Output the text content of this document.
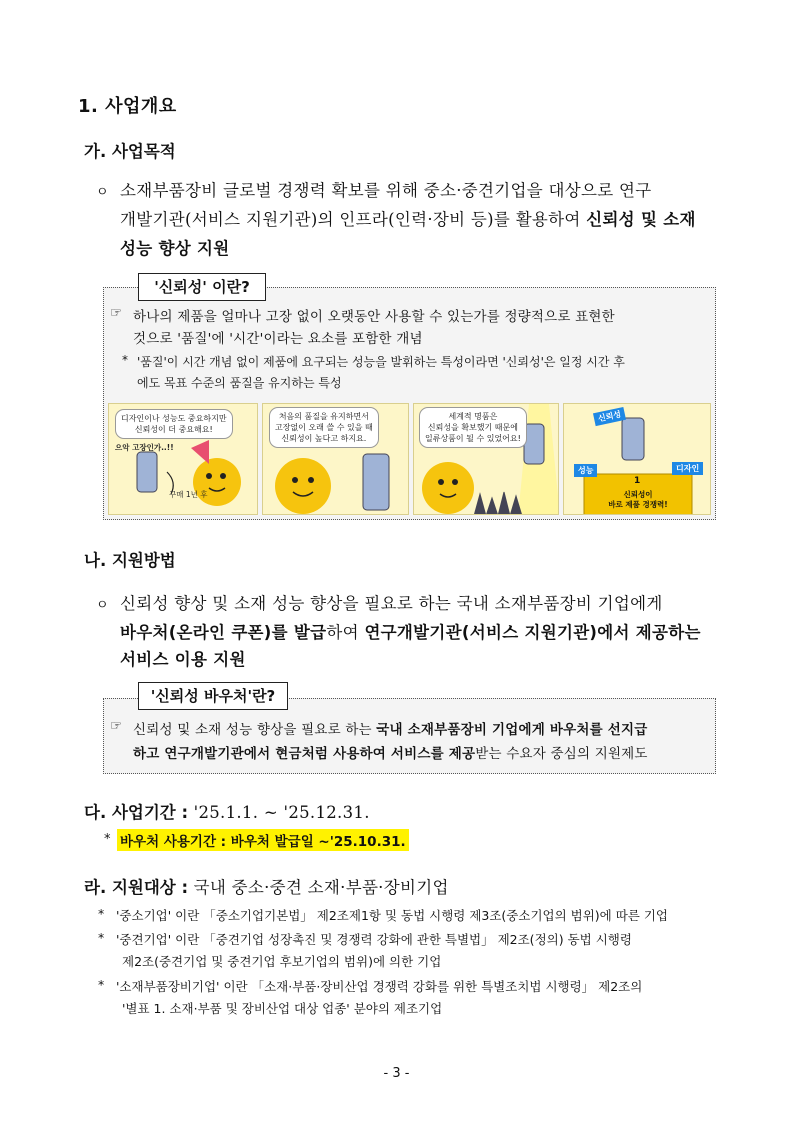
1. 사업개요
가. 사업목적
ㅇ 소재부품장비 글로벌 경쟁력 확보를 위해 중소·중견기업을 대상으로 연구
개발기관(서비스 지원기관)의 인프라(인력·장비 등)를 활용하여 신뢰성 및 소재
성능 향상 지원
'신뢰성' 이란?
☞ 하나의 제품을 얼마나 고장 없이 오랫동안 사용할 수 있는가를 정량적으로 표현한
것으로 '품질'에 '시간'이라는 요소를 포함한 개념
* '품질'이 시간 개념 없이 제품에 요구되는 성능을 발휘하는 특성이라면 '신뢰성'은 일정 시간 후
에도 목표 수준의 품질을 유지하는 특성
디자인이나 성능도 중요하지만
신뢰성이 더 중요해요!
으악 고장인가..!!
구매 1년 후
처음의 품질을 유지하면서
고장없이 오래 쓸 수 있을 때
신뢰성이 높다고 하지요.
세계적 명품은
신뢰성을 확보했기 때문에
일류상품이 될 수 있었어요!
신뢰성
성능	디자인
1
신뢰성이
바로 제품 경쟁력!
나. 지원방법
ㅇ 신뢰성 향상 및 소재 성능 향상을 필요로 하는 국내 소재부품장비 기업에게
바우처(온라인 쿠폰)를 발급하여 연구개발기관(서비스 지원기관)에서 제공하는
서비스 이용 지원
'신뢰성 바우처'란?
☞ 신뢰성 및 소재 성능 향상을 필요로 하는 국내 소재부품장비 기업에게 바우처를 선지급
하고 연구개발기관에서 현금처럼 사용하여 서비스를 제공받는 수요자 중심의 지원제도
다. 사업기간 : '25.1.1. ~ '25.12.31.
* 바우처 사용기간 : 바우처 발급일 ~'25.10.31.
라. 지원대상 : 국내 중소·중견 소재·부품·장비기업
* '중소기업' 이란 「중소기업기본법」 제2조제1항 및 동법 시행령 제3조(중소기업의 범위)에 따른 기업
* '중견기업' 이란 「중견기업 성장촉진 및 경쟁력 강화에 관한 특별법」 제2조(정의) 동법 시행령
제2조(중견기업 및 중견기업 후보기업의 범위)에 의한 기업
* '소재부품장비기업' 이란 「소재·부품·장비산업 경쟁력 강화를 위한 특별조치법 시행령」 제2조의
'별표 1. 소재·부품 및 장비산업 대상 업종' 분야의 제조기업
- 3 -
